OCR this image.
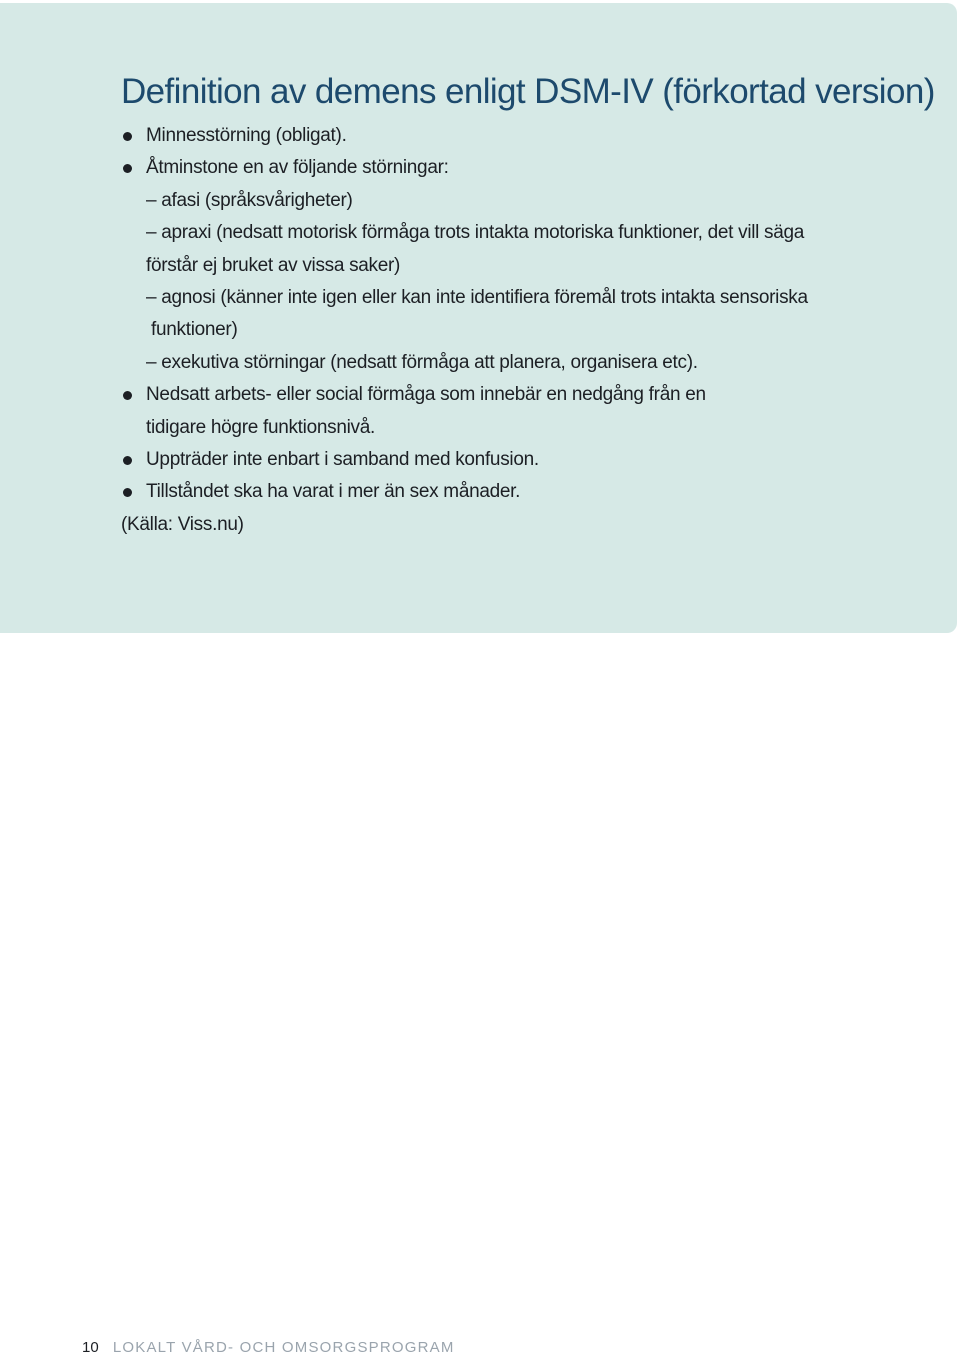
Definition av demens enligt DSM-IV (förkortad version)
Minnesstörning (obligat).
Åtminstone en av följande störningar:
– afasi (språksvårigheter)
– apraxi (nedsatt motorisk förmåga trots intakta motoriska funktioner, det vill säga
förstår ej bruket av vissa saker)
– agnosi (känner inte igen eller kan inte identifiera föremål trots intakta sensoriska
funktioner)
– exekutiva störningar (nedsatt förmåga att planera, organisera etc).
Nedsatt arbets- eller social förmåga som innebär en nedgång från en
tidigare högre funktionsnivå.
Uppträder inte enbart i samband med konfusion.
Tillståndet ska ha varat i mer än sex månader.
(Källa: Viss.nu)
10 LOKALT VÅRD- OCH OMSORGSPROGRAM
